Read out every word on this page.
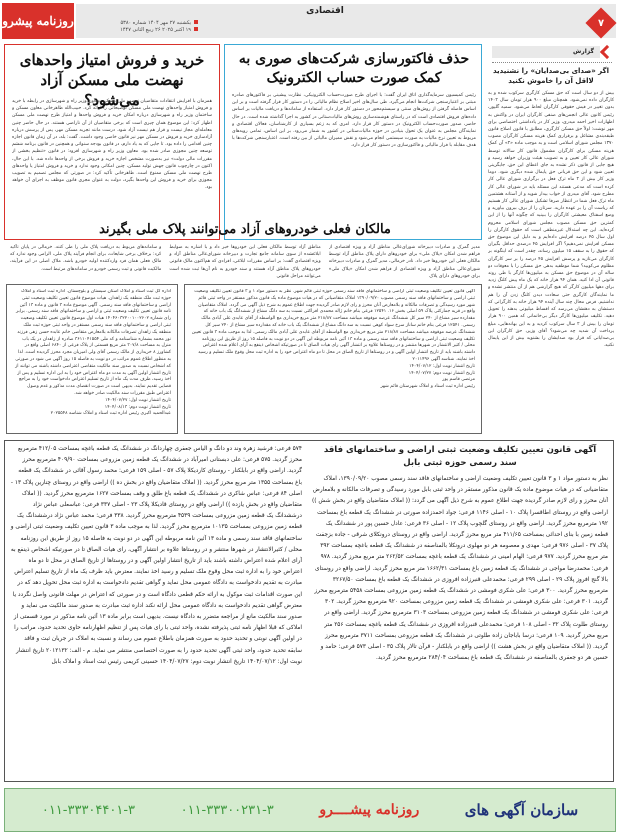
اقتصادی
روزنامه پیشرو	یکشنبه ۲۷ مهر ۱۴۰۴ شماره ۵۳۸۰
۱۹ اکتبر ۲۰۲۵ ۲۶ ربیع الثانی ۱۴۴۷
۷
خرید و فروش امتیاز واحدهای نهضت ملی مسکن آزاد می‌شود؟
همزمان با افزایش انتقادات متقاضیان نهضت ملی مسکن، معاون وزیر راه و شهرسازی در رابطه با خرید و فروش امتیاز واحدهای نهضت ملی مسکن توضیحاتی را ارائه کرد. حبیب‌الله طاهرخانی معاون مسکن و ساختمان وزیر راه و شهرسازی درباره امکان خرید و فروش واحدها و امتیاز طرح نهضت ملی مسکن اظهار کرد: این موضوع همان چیزی است که برخی متقاضیان از آن ناراضی هستند. در حال حاضر چنین معامله‌ای مجاز نیست و قرار هم نیست آزاد شود. درست مانند تجربه مسکن مهر، پس از پرسش درباره آزادسازی خرید و فروش در مسکن مهر نیز قانون خاصی وجود داشت. گفت: بله، در آن زمان قانون اجازه چنین اقدامی را داده بود. تا جایی که به یاد دارم، در قانون بودجه سنواتی و همچنین در قانون برنامه ششم توسعه چنین مجوزی صادر شده بود. معاون وزیر راه و شهرسازی افزود: در قانون «تنظیم بخشی از مقررات مالی دولت» نیز به‌صورت مشخص اجازه خرید و فروش برخی از واحدها داده شد. با این حال، اکنون در چارچوب قانون جهش تولید مسکن، چنین امکانی وجود ندارد و خرید و فروش امتیاز یا واحدهای طرح نهضت ملی مسکن ممنوع است. طاهرخانی تأکید کرد: در صورتی که مجلس تصمیم به تصویب مجوزی برای خرید و فروش این واحدها بگیرد، دولت به عنوان مجری قانون موظف به اجرای آن خواهد بود.
حذف فاکتورسازی شرکت‌های صوری به کمک صورت حساب الکترونیک
رئیس کمیسیون سرمایه‌گذاری اتاق ایران گفت: با اجرای طرح صورت‌حساب الکترونیکی، نظارت پیشینی بر فاکتورهای صادره مبتنی بر اعتبارسنجی شرکت‌ها انجام می‌گیرد. طی سال‌های اخیر اصلاح نظام مالیاتی را در دستور کار قرار گرفته است و بر این اساس فاصله گرفتن از روش‌های سنتی و سیستم‌محور در دستور کار قرار دارد. استفاده از سامانه‌ها و دریافت مالیات بر اساس داده‌های فروش اقتصادی است که در راستای هوشمندسازی روش‌های مالیات‌ستانی در کشور به اجرا گذاشته شده است. در حال حاضر، صدور صورت‌حساب الکترونیک در دستور کار قرار دارد. امری که به زعم بسیاری از کارشناسان، فعالان اقتصادی و نمایندگان مجلس به عنوان یک تحول بنیادین در حوزه مالیات‌ستانی در کشور به شمار می‌رود. بر این اساس، تمامی رویه‌های مربوط به تعیین نرخ مالیات به صورت سیستمی انجام می‌شود و نقش ممیزان مالیاتی از بین رفته است. اعتبارسنجی شرکت‌ها با هدف مقابله با فرار مالیاتی و فاکتورسازی در دستور کار قرار دارد.
گزارش
اگر «صدای بی‌صدایان» را نشنیدید لااقل آن را خاموش نکنید
بیش از دو سال است که حق مسکن کارگری سرکوب شده و به کارگران داده نمی‌شود. همچنان مبلغ ۹۰۰ هزار تومان سال ۱۴۰۲ بدون تغییر در فیش حقوقی کارگران لحاظ می‌شود. سمیه گلپور، رئیس کانون عالی انجمن‌های صنفی کارگران ایران در واکنش به اظهارات اخیر احمد میدری، وزیر کار در یادداشتی اختصاصی برای مهر نوشت: اولاً حق مسکن کارگری، مطابق با قانون اصلاح قانون طبقه‌بندی مشاغل و برقراری کمک هزینه مسکن کارگران مصوب ۱۳۷۰ مجلس شورای اسلامی است و به موجب ماده «۲» آن کمک هزینه مسکن برای کارگران مشمول قانون کار سالانه توسط شورای عالی کار تعیین و به تصویب هیئت وزیران خواهد رسید و هیچ جایی از قانون ذکر نشده به جای اعطای این حق، جایگزینی تعیین شود و این حق قربانی حق پایمال شده دیگری شود. دوما وزیر کار بیش از ۲ ماه ترک فعل در برگزاری شورای عالی کار کرده است که مدعی هستند این مسئله باید در شورای عالی کار مطرح شود. آقای میدری از خواب بیدار شوید و از آستانه هشتمین ماه ترک فعل شما در انتظار صرفا تشکیل شورای عالی کار هستیم که ریاست آن را بر عهده دارید. سرتان را از برف بیرون بیاورید و وضع اسفناک معیشتی کارگران را ببینید که چگونه آنها را از این کمترین حق مسکن مصوب مجلس شورای اسلامی محروم کرده‌اید. این چه استدلال غیرمنطقی است که حقوق کارگران را اول سال ۴۵ درصد افزایش داده‌ایم و به دلیل این موضوع حق مسکن افزایش نمی‌دهیم؟ اگر افزایش ۴۵ درصدی حداقل بگیران که حقوق را به سقف ۱۵ میلیون رساند، چقدر است که اینگونه بر کارگران می‌تازید و پرسش افزایش ۴۵ درصد را بر سر کارگران مظلوم می‌کوبید؟ شما موظفید بدهی حق مسکن را با معوقات دو ساله آن در موضوع حق مسکن به میلیون‌ها کارگر با طی روند قانونی آن ادا کنید. همان ۹۴ هزار خانه که یک ماه پیش کلنگ زدید برای دهها میلیون کارگر که هیچ گزارشی هم از آن منتشر نشده و ما نمایندگان کارگری حتی سعادت دیدن کلنگ زدن آن را هم نداشتیم. فرض محال چند سال آینده ۹۴ هزار خانه به کارگرانی که دستشان به دهنشان می‌رسد که اقساط میلیونی بدهند را تحویل دهید. تکلیف میلیون‌ها کارگر دیگر بی‌خانمانی که همین ۹۰۰ هزار تومان را بیش از ۲ سال سرکوب کردید و به این بهانه‌هایی، مبلغ پرداخت آن شدید چه می‌شود؟ آقای وزیر، حق کارگران این بی‌صدایانی که قرار بود صدایشان را بشنوید بیش از این پایمال نکنید.
مالکان فعلی خودروهای آزاد می‌توانند پلاک ملی بگیرند
مدیر گمرک و صادرات دبیرخانه شورای‌عالی مناطق آزاد و ویژه اقتصادی از فراهم شدن امکان «پلاک ملی» برای خودروهای دارای پلاک مناطق آزاد توسط مالکان فعلی این خودروها خبر داد. نادر خرمالی، مدیر گمرک و صادرات دبیرخانه شورای‌عالی مناطق آزاد و ویژه اقتصادی از فراهم شدن امکان «پلاک ملی» برای خودروهای دارای پلاک
مناطق آزاد توسط مالکان فعلی این خودروها خبر داد و با اشاره به ضوابط ابلاغشده از سوی سامانه جامع تجارت و دبیرخانه شورای‌عالی مناطق آزاد و ویژه اقتصادی گفت: بر اساس مقررات ابلاغی، افرادی که هم‌اکنون مالک قانونی خودروهای پلاک مناطق آزاد هستند و سند خودرو به نام آن‌ها ثبت شده است می‌توانند مراحل قانونی
و سامانه‌های مربوط به دریافت پلاک ملی را طی کنند. خرمالی در پایان تأکید کرد: برخلاف برخی شایعات، برای انجام فرآیند پلاک ملی، الزامی وجود ندارد که مالک فعلی همان فرد واردکننده اولیه خودرو باشد. ملاک اصلی در این فرآیند، مالکیت قانونی و ثبت رسمی خودرو در سامانه‌های مرتبط است.
آگهی قانون تعیین تکلیف وضعیت ثبتی اراضی و ساختمانهای فاقد سند رسمی حوزه ثبتی قائم شهر. نظر به دستور مواد ۱ و ۳ قانون تعیین تکلیف وضعیت ثبتی اراضی و ساختمانهای فاقد سند رسمی مصوب ۱۳۹۰/۰۹/۲۰ املاک متقاضیانی که در هیات موضوع ماده یک قانون مذکور مستقر در واحد ثبتی قائم شهر مورد رسیدگی و تصرفات مالکانه و بلامعارض آنان محرز و رای لازم صادر گردیده جهت اطلاع عموم به شرح ذیل آگهی می گردد. املاک متقاضیان واقع در قریه جمارکتی پلاک ۵۹ اصلی بخش ۱۶. ۱۲۵۴۱ فرعی بنام خانم ژاله محمدی افراکتی نسبت به سه دانگ مشاع از ششدانگ یک باب خانه که مقدارده سیر مشاع از ۲۴۰ سیر کل ششدانگ عرصه موقوفه میباشد مساحت ۲۱۸/۸۷ متر مربع خریداری مع الواسطه از آقای عابدی علی آبادی مالک رسمی. ۱۲۵۴۱ فرعی بنام خانم ساناز سرخ سواد کوهی نسبت به سه دانگ مشاع از ششدانگ یک باب خانه که مقدارده سیر مشاع از ۲۴۰ سیر کل ششدانگ عرصه موقوفه میباشد مساحت ۲۱۸/۸۷ متر مربع خریداری مع الواسطه از آقای عابدی علی آبادی مالک رسمی. لذا به موجب ماده ۳ قانون تعیین تکلیف وضعیت ثبتی اراضی و ساختمانهای فاقد سند رسمی و ماده ۱۳ آئین نامه مربوطه این آگهی در دو نوبت به فاصله ۱۵ روز از طریق این روزنامه محلی / کثیر الانتشار در شهرها منتشر و در روستاها علاوه بر انتشار آگهی رای هیات الصاق تا در صورتیکه اشخاص ذینفع به آرای اعلام شده اعتراض داشته باشند باید از تاریخ انتشار اولین آگهی و در روستاها از تاریخ الصاق در محل تا دو ماه اعتراض خود را به اداره ثبت محل وقوع ملک تسلیم و رسید اخذ نمایند. شناسه آگهی ۲۰۱۱۴۹۶
تاریخ انتشار نوبت اول: ۱۴۰۴/۰۷/۱۲
تاریخ انتشار نوبت دوم: ۱۴۰۴/۰۷/۲۷
مرتضی قاسم پور
رئیس اداره ثبت اسناد و املاک شهرستان قائم شهر
اداره کل ثبت اسناد و املاک استان سیستان و بلوچستان. اداره ثبت اسناد و املاک حوزه ثبت ملک منطقه یک زاهدان. هیات موضوع قانون تعیین تکلیف وضعیت ثبتی اراضی و ساختمانهای فاقد سند رسمی. آگهی موضوع ماده ۳ قانون و ماده ۱۳ آئین نامه قانون تعیین تکلیف وضعیت ثبتی و اراضی و ساختمانهای فاقد سند رسمی. برابر رای شماره ۱۴۰۴۶۰۳۲۲۰۰۱۰۰۲۶۰۲ هیات اول موضوع قانون تعیین تکلیف وضعیت ثبتی اراضی و ساختمانهای فاقد سند رسمی مستقر در واحد ثبتی حوزه ثبت ملک منطقه یک زاهدان تصرفات مالکانه بلامعارض متقاضی خانم عابده حسن زهی فرزند نور محمد بشماره شناسنامه و کد ملی ۳۶۱۱۰۴۱۵۵۴ صادره از زاهدان در یک باب منزل به مساحت ۳۰۷/۸ متر مربع قسمتی از پلاک فرعی از ۶۸۴۰ اصلی واقع در کشاورز ۸ خریداری از مالک رسمی آقای ولی امیریان مجرد محرز گردیده است. لذا به منظور اطلاع عموم مراتب در دو نوبت به فاصله ۱۵ روز آگهی می شود در صورتی که اشخاص نسبت به صدور سند مالکیت متقاضی اعتراضی داشته باشند می توانند از تاریخ انتشار اولین آگهی به مدت دو ماه اعتراض خود را به این اداره تسلیم و پس از اخذ رسید، ظرف مدت یک ماه از تاریخ تسلیم اعتراض دادخواست خود را به مراجع قضایی تقدیم نمایند. بدیهی است در صورت انقضای مدت مذکور و عدم وصول اعتراض طبق مقررات سند مالکیت صادر خواهد شد.
تاریخ انتشار نوبت اول: ۱۴۰۴/۰۷/۲۷
تاریخ انتشار نوبت دوم: ۱۴۰۴/۰۸/۱۳
عبدالحمید اکبری رئیس اداره ثبت اسناد و املاک شناسه ۲۰۲۵۵۴۸
آگهی قانون تعیین تکلیف وضعیت ثبتی اراضی و ساختمانهای فاقد سند رسمی حوزه ثبتی بابل
نظر به دستور مواد ۱ و ۳ قانون تعیین تکلیف وضعیت اراضی و ساختمانهای فاقد سند رسمی مصوب ۱۳۹۰/۰۹/۲۰، املاک متقاضیانی که در هیات موضوع ماده یک قانون مذکور مستقر در واحد ثبتی بابل مورد رسیدگی و تصرفات مالکانه و بلامعارض آنان محرز و رای لازم صادر گردیده جهت اطلاع عموم به شرح ذیل آگهی می گردد: (( املاک متقاضیان واقع در بخش شش )) اراضی واقع در روستای اطاقسرا پلاک ۱۰ - اصلی ۱۱۴۶ فرعی: جواد احمدزاده صورتی در ششدانگ یک قطعه باغ بمساحت ۱۹۲ مترمربع محرز گردید. اراضی واقع در روستای گلچوب پلاک ۱۲ - اصلی ۳۶ فرعی: عادل حسین پور در ششدانگ یک قطعه زمین با بنای احداثی بمساحت ۴۱۱/۶۵ متر مربع محرز گردید. اراضی واقع در روستای درونکلای شرقی - جاده بزجفت پلاک ۳۷ - اصلی ۹۷۶ فرعی: مهدی و معصومه هر دو مهلوی درونکلا بالمناصفه در ششدانگ یک قطعه باغچه بمساحت ۳۹۲ متر مربع محرز گردید. ۹۷۷ فرعی: الهام امینی در ششدانگ یک قطعه باغچه بمساحت ۲۶۲/۵۲ متر مربع محرز گردید. ۹۷۸ فرعی: محمدرضا مواجی در ششدانگ یک قطعه زمین باغ بمساحت ۱۶۶۲/۳۱ متر مربع محرز گردید. اراضی واقع در روستای بالا گنج افروز پلاک ۲۹ - اصلی ۲۹۹ فرعی: محمدعلی قنبرزاده افروزی در ششدانگ یک قطعه باغ بمساحت ۳۲۶۷/۵۰ مترمربع محرز گردید. ۳۰۰ فرعی: علی شکری فومشی در ششدانگ یک قطعه زمین مزروعی بمساحت ۵۴۵۸ مترمربع محرز گردید. ۳۰۱ فرعی: علی شکری فومشی در ششدانگ یک قطعه زمین مزروعی بمساحت ۹۲۰ مترمربع محرز گردید. ۳۰۲ فرعی: علی شکری فومشی در ششدانگ یک قطعه زمین مزروعی بمساحت ۳۱۰۳ مترمربع محرز گردید. اراضی واقع در روستای طلوت پلاک ۳۲ - اصلی ۱۰۸ فرعی: محمدعلی قنبرزاده افروزی در ششدانگ یک قطعه باغچه بمساحت ۲۵۶ متر مربع محرز گردید. ۱۰۹ فرعی: درسا باباجان زاده طلوتی در ششدانگ یک قطعه مزروعی بمساحت ۳۷۱۱ مترمربع محرز گردید. (( املاک متقاضیان واقع در بخش هشت )) اراضی واقع در بابلکنار - قرآن تالار پلاک ۳۵ - اصلی ۵۷۳ فرعی: حامد و حسین هر دو جعفری بالمناصفه در ششدانگ یک قطعه باغ بمساحت ۲۸۴/۰۴ مترمربع محرز گردید.
۵۷۴ فرعی: فرشید زهره وند دو دانگ و الیاس جعفری چهاردانگ در ششدانگ یک قطعه باغچه بمساحت ۴۱۲/۰۵ مترمربع محرز گردید. ۵۷۵ فرعی: علی دبستانی امیرآباد در ششدانگ یک قطعه زمین مزروعی بمساحت ۴۰۹/۹۰ مترمربع محرز گردید. اراضی واقع در بابلکنار - روستای کاردیکلا پلاک ۵۷ - اصلی ۱۵۹ فرعی: محمد رسول آقائی در ششدانگ یک قطعه باغ بمساحت ۱۳۵۵ متر مربع محرز گردید. (( املاک متقاضیان واقع در بخش ده )) اراضی واقع در روستای چنارین پلاک ۱۳ - اصلی ۸۴ فرعی: عباس شاکری در ششدانگ یک قطعه باغ طلق و وقف بمساحت ۱۶۲۷ مترمربع محرز گردید. (( املاک متقاضیان واقع در بخش یازده )) اراضی واقع در روستای قادیکلا پلاک ۲۳ - اصلی ۳۳۷ فرعی: عباسعلی عباس نژاد درششدانگ یک قطعه زمین مزروعی بمساحت ۴۵۳۹ مترمربع محرز گردید. ۳۳۸ فرعی: محمد عباس نژاد درششدانگ یک قطعه زمین مزروعی بمساحت ۱۰۱۳۵ مترمربع محرز گردید. لذا به موجب ماده ۳ قانون تعیین تکلیف وضعیت ثبتی اراضی و ساختمانهای فاقد سند رسمی و ماده ۱۳ آئین نامه مربوطه این آگهی در دو نوبت به فاصله ۱۵ روز از طریق این روزنامه محلی / کثیرالانتشار در شهرها منتشر و در روستاها علاوه بر انتشار آگهی، رای هیات الصاق تا در صورتیکه اشخاص ذینفع به آرای اعلام شده اعتراض داشته باشند باید از تاریخ انتشار اولین آگهی و در روستاها از تاریخ الصاق در محل تا دو ماه اعتراض خود را به اداره ثبت محل وقوع ملک تسلیم و رسید اخذ نمایند. معترض باید ظرف یک ماه از تاریخ تسلیم اعتراض مبادرت به تقدیم دادخواست به دادگاه عمومی محل نماید و گواهی تقدیم دادخواست به اداره ثبت محل تحویل دهد که در این صورت اقدامات ثبت موکول به ارائه حکم قطعی دادگاه است و در صورتی که اعتراض در مهلت قانونی واصل نگردد یا معترض گواهی تقدیم دادخواست به دادگاه عمومی محل ارائه نکند اداره ثبت مبادرت به صدور سند مالکیت می نماید و صدور سند مالکیت مانع از مراجعه متضرر به دادگاه نیست. بدیهی است برابر ماده ۱۳ آئین نامه مذکور در مورد قسمتی از املاکی که قبلا اظهار نامه ثبتی پذیرفته نشده، واحد ثبتی با رای هیات پس از تنظیم اظهارنامه حاوی تحدید حدود، مراتب را در اولین آگهی نوبتی و تحدید حدود به صورت همزمان باطلاع عموم می رساند و نسبت به املاک در جریان ثبت و فاقد سابقه تحدید حدود، واحد ثبتی آگهی تحدید حدود را به صورت اختصاصی منتشر می نماید. م - الف: ۲۰۱۲۱۳۲ تاریخ انتشار نوبت اول: ۱۴۰۴/۰۷/۱۲ تاریخ انتشار نوبت دوم: ۱۴۰۴/۰۷/۲۷ حسینی کریمی رئیس ثبت اسناد و املاک بابل
سازمان آگهی های
روزنامه پیشــــرو
۰۱۱-۳۳۳۰۰۲۳۱-۳
۰۱۱-۳۳۳۰۴۴۰۱-۳
